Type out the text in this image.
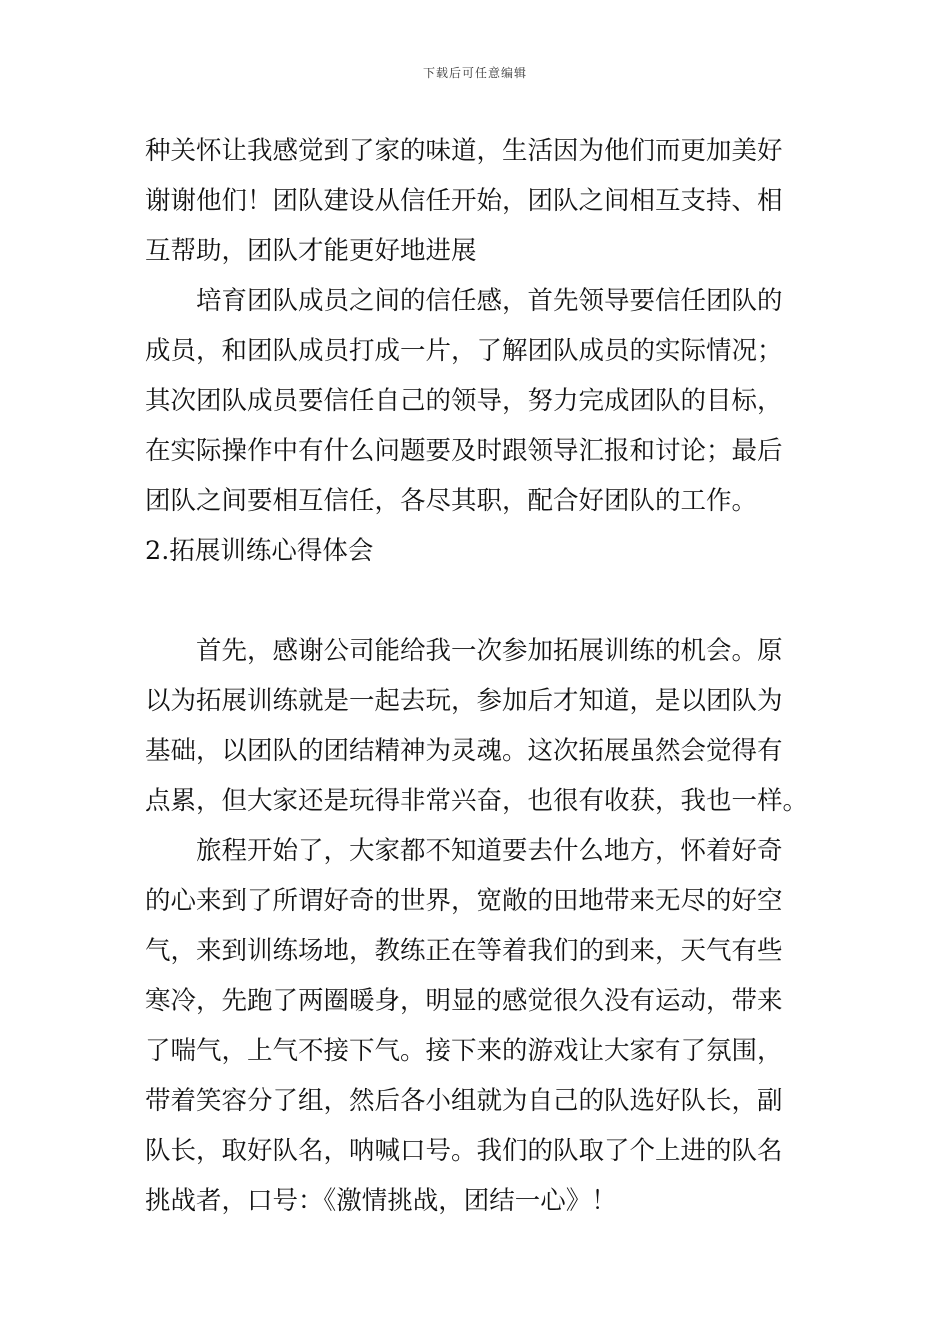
下载后可任意编辑
种关怀让我感觉到了家的味道，生活因为他们而更加美好
谢谢他们！团队建设从信任开始，团队之间相互支持、相
互帮助，团队才能更好地进展
　　培育团队成员之间的信任感，首先领导要信任团队的
成员，和团队成员打成一片，了解团队成员的实际情况；
其次团队成员要信任自己的领导，努力完成团队的目标，
在实际操作中有什么问题要及时跟领导汇报和讨论；最后
团队之间要相互信任，各尽其职，配合好团队的工作。
2.拓展训练心得体会
　　首先，感谢公司能给我一次参加拓展训练的机会。原
以为拓展训练就是一起去玩，参加后才知道，是以团队为
基础，以团队的团结精神为灵魂。这次拓展虽然会觉得有
点累，但大家还是玩得非常兴奋，也很有收获，我也一样。
　　旅程开始了，大家都不知道要去什么地方，怀着好奇
的心来到了所谓好奇的世界，宽敞的田地带来无尽的好空
气，来到训练场地，教练正在等着我们的到来，天气有些
寒冷，先跑了两圈暖身，明显的感觉很久没有运动，带来
了喘气，上气不接下气。接下来的游戏让大家有了氛围，
带着笑容分了组，然后各小组就为自己的队选好队长，副
队长，取好队名，呐喊口号。我们的队取了个上进的队名
挑战者，口号：《激情挑战，团结一心》！
